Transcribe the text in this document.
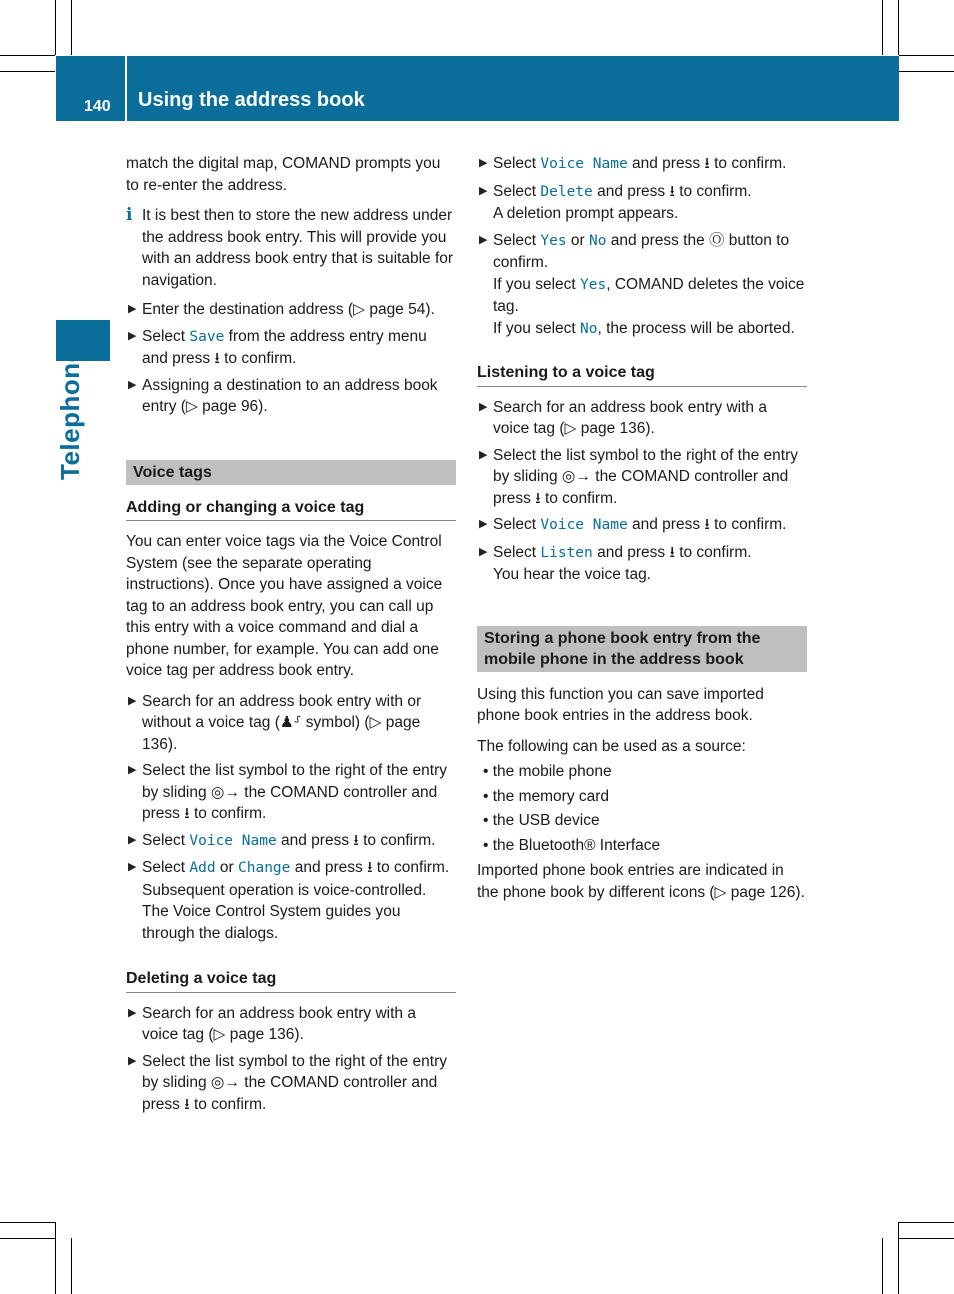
140 Using the address book
Telephone

match the digital map, COMAND prompts you to re-enter the address.

i It is best then to store the new address under the address book entry. This will provide you with an address book entry that is suitable for navigation.
▶ Enter the destination address (▷ page 54).
▶ Select Save from the address entry menu and press ⭳ to confirm.
▶ Assigning a destination to an address book entry (▷ page 96).
Voice tags
Adding or changing a voice tag

You can enter voice tags via the Voice Control System (see the separate operating instructions). Once you have assigned a voice tag to an address book entry, you can call up this entry with a voice command and dial a phone number, for example. You can add one voice tag per address book entry.

▶ Search for an address book entry with or without a voice tag (♟⸉ symbol) (▷ page 136).
▶ Select the list symbol to the right of the entry by sliding ◎→ the COMAND controller and press ⭳ to confirm.
▶ Select Voice Name and press ⭳ to confirm.
▶ Select Add or Change and press ⭳ to confirm.
Subsequent operation is voice-controlled. The Voice Control System guides you through the dialogs.
Deleting a voice tag
▶ Search for an address book entry with a voice tag (▷ page 136).
▶ Select the list symbol to the right of the entry by sliding ◎→ the COMAND controller and press ⭳ to confirm.
▶ Select Voice Name and press ⭳ to confirm.
▶ Select Delete and press ⭳ to confirm.
A deletion prompt appears.
▶ Select Yes or No and press the Ⓞ button to confirm.
If you select Yes, COMAND deletes the voice tag.
If you select No, the process will be aborted.
Listening to a voice tag
▶ Search for an address book entry with a voice tag (▷ page 136).
▶ Select the list symbol to the right of the entry by sliding ◎→ the COMAND controller and press ⭳ to confirm.
▶ Select Voice Name and press ⭳ to confirm.
▶ Select Listen and press ⭳ to confirm.
You hear the voice tag.
Storing a phone book entry from the mobile phone in the address book

Using this function you can save imported phone book entries in the address book.

The following can be used as a source:

• the mobile phone
• the memory card
• the USB device
• the Bluetooth® Interface

Imported phone book entries are indicated in the phone book by different icons (▷ page 126).
